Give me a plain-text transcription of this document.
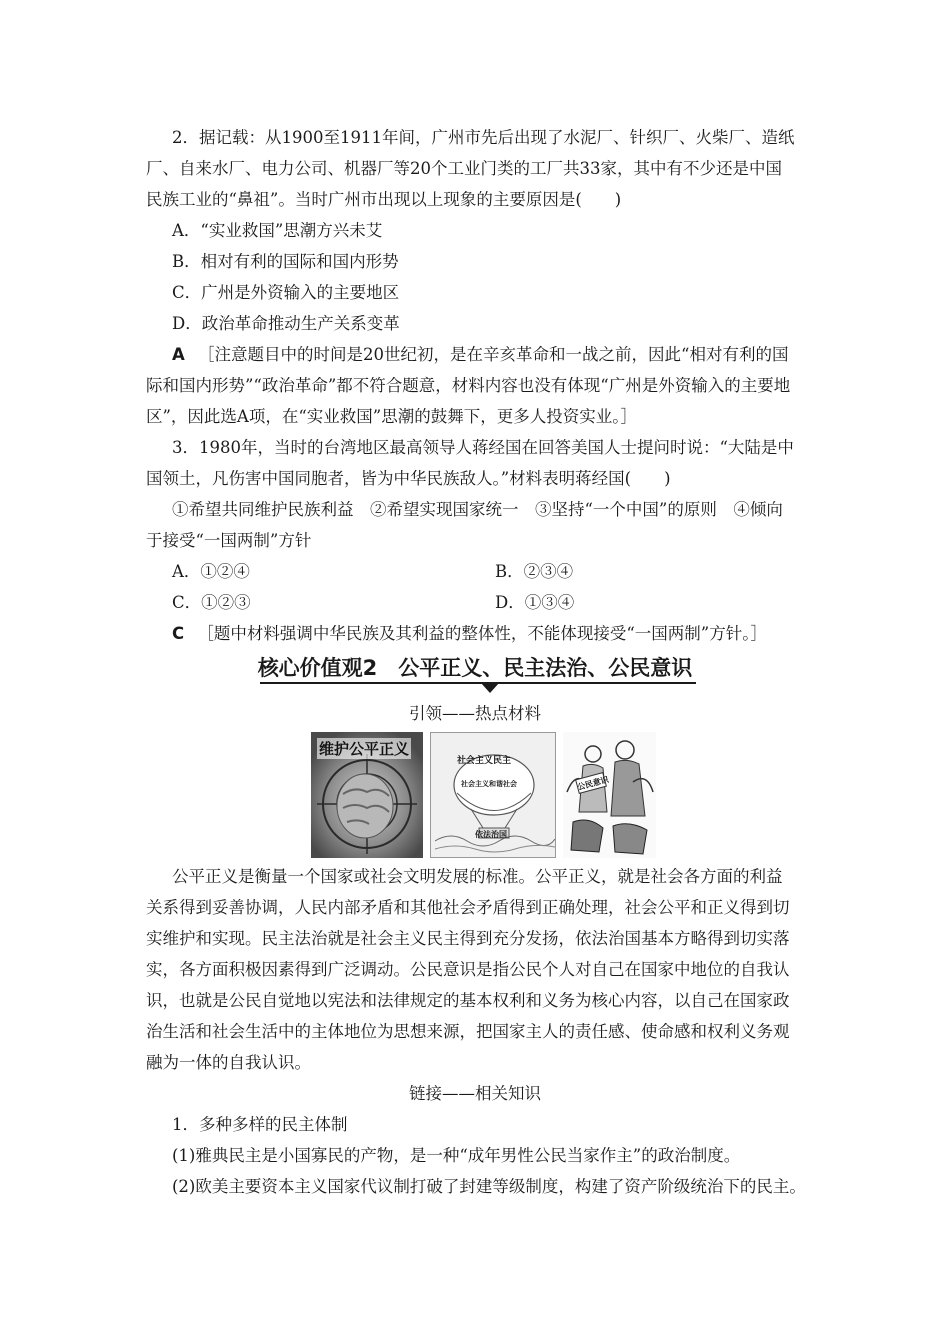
2．据记载：从1900至1911年间，广州市先后出现了水泥厂、针织厂、火柴厂、造纸
厂、自来水厂、电力公司、机器厂等20个工业门类的工厂共33家，其中有不少还是中国
民族工业的“鼻祖”。当时广州市出现以上现象的主要原因是(　　)
A．“实业救国”思潮方兴未艾
B．相对有利的国际和国内形势
C．广州是外资输入的主要地区
D．政治革命推动生产关系变革
A ［注意题目中的时间是20世纪初，是在辛亥革命和一战之前，因此“相对有利的国
际和国内形势”“政治革命”都不符合题意，材料内容也没有体现“广州是外资输入的主要地
区”，因此选A项，在“实业救国”思潮的鼓舞下，更多人投资实业。］
3．1980年，当时的台湾地区最高领导人蒋经国在回答美国人士提问时说：“大陆是中
国领土，凡伤害中国同胞者，皆为中华民族敌人。”材料表明蒋经国(　　)
①希望共同维护民族利益　②希望实现国家统一　③坚持“一个中国”的原则　④倾向
于接受“一国两制”方针
A．①②④	B．②③④
C．①②③	D．①③④
C ［题中材料强调中华民族及其利益的整体性，不能体现接受“一国两制”方针。］
核心价值观2　公平正义、民主法治、公民意识
引领——热点材料
维护公平正义
社会主义民主
社会主义和谐社会
依法治国
公民意识
公平正义是衡量一个国家或社会文明发展的标准。公平正义，就是社会各方面的利益
关系得到妥善协调，人民内部矛盾和其他社会矛盾得到正确处理，社会公平和正义得到切
实维护和实现。民主法治就是社会主义民主得到充分发扬，依法治国基本方略得到切实落
实，各方面积极因素得到广泛调动。公民意识是指公民个人对自己在国家中地位的自我认
识，也就是公民自觉地以宪法和法律规定的基本权利和义务为核心内容，以自己在国家政
治生活和社会生活中的主体地位为思想来源，把国家主人的责任感、使命感和权利义务观
融为一体的自我认识。
链接——相关知识
1．多种多样的民主体制
(1)雅典民主是小国寡民的产物，是一种“成年男性公民当家作主”的政治制度。
(2)欧美主要资本主义国家代议制打破了封建等级制度，构建了资产阶级统治下的民主。
